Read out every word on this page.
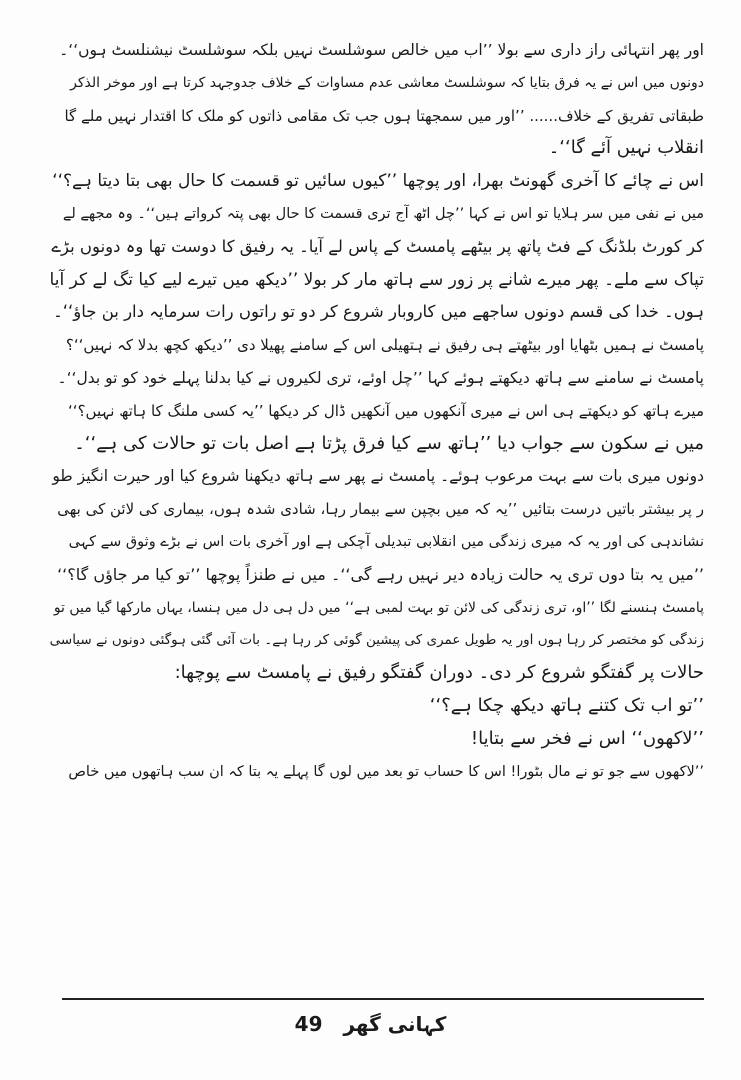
اور پھر انتہائی راز داری سے بولا ’’اب میں خالص سوشلسٹ نہیں بلکہ سوشلسٹ نیشنلسٹ ہوں‘‘۔
دونوں میں اس نے یہ فرق بتایا کہ سوشلسٹ معاشی عدم مساوات کے خلاف جدوجہد کرتا ہے اور موخر الذکر
طبقاتی تفریق کے خلاف...... ’’اور میں سمجھتا ہوں جب تک مقامی ذاتوں کو ملک کا اقتدار نہیں ملے گا
انقلاب نہیں آئے گا‘‘۔
اس نے چائے کا آخری گھونٹ بھرا، اور پوچھا ’’کیوں سائیں تو قسمت کا حال بھی بتا دیتا ہے؟‘‘
میں نے نفی میں سر ہلایا تو اس نے کہا ’’چل اٹھ آج تری قسمت کا حال بھی پتہ کرواتے ہیں‘‘۔ وہ مجھے لے
کر کورٹ بلڈنگ کے فٹ پاتھ پر بیٹھے پامسٹ کے پاس لے آیا۔ یہ رفیق کا دوست تھا وہ دونوں بڑے
تپاک سے ملے۔ پھر میرے شانے پر زور سے ہاتھ مار کر بولا ’’دیکھ میں تیرے لیے کیا تگ لے کر آیا
ہوں۔ خدا کی قسم دونوں ساجھے میں کاروبار شروع کر دو تو راتوں رات سرمایہ دار بن جاؤ‘‘۔
پامسٹ نے ہمیں بٹھایا اور بیٹھتے ہی رفیق نے ہتھیلی اس کے سامنے پھیلا دی ’’دیکھ کچھ بدلا کہ نہیں‘‘؟
پامسٹ نے سامنے سے ہاتھ دیکھتے ہوئے کہا ’’چل اوئے، تری لکیروں نے کیا بدلنا پہلے خود کو تو بدل‘‘۔
میرے ہاتھ کو دیکھتے ہی اس نے میری آنکھوں میں آنکھیں ڈال کر دیکھا ’’یہ کسی ملنگ کا ہاتھ نہیں؟‘‘
میں نے سکون سے جواب دیا ’’ہاتھ سے کیا فرق پڑتا ہے اصل بات تو حالات کی ہے‘‘۔
دونوں میری بات سے بہت مرعوب ہوئے۔ پامسٹ نے پھر سے ہاتھ دیکھنا شروع کیا اور حیرت انگیز طو
ر پر بیشتر باتیں درست بتائیں ’’یہ کہ میں بچپن سے بیمار رہا، شادی شدہ ہوں، بیماری کی لائن کی بھی
نشاندہی کی اور یہ کہ میری زندگی میں انقلابی تبدیلی آچکی ہے اور آخری بات اس نے بڑے وثوق سے کہی
’’میں یہ بتا دوں تری یہ حالت زیادہ دیر نہیں رہے گی‘‘۔ میں نے طنزاً پوچھا ’’تو کیا مر جاؤں گا؟‘‘
پامسٹ ہنسنے لگا ’’او، تری زندگی کی لائن تو بہت لمبی ہے‘‘ میں دل ہی دل میں ہنسا، یہاں مارکھا گیا میں تو
زندگی کو مختصر کر رہا ہوں اور یہ طویل عمری کی پیشین گوئی کر رہا ہے۔ بات آئی گئی ہوگئی دونوں نے سیاسی
حالات پر گفتگو شروع کر دی۔ دوران گفتگو رفیق نے پامسٹ سے پوچھا:
’’تو اب تک کتنے ہاتھ دیکھ چکا ہے؟‘‘
’’لاکھوں‘‘ اس نے فخر سے بتایا!
’’لاکھوں سے جو تو نے مال بٹورا! اس کا حساب تو بعد میں لوں گا پہلے یہ بتا کہ ان سب ہاتھوں میں خاص
49 کہانی گھر
